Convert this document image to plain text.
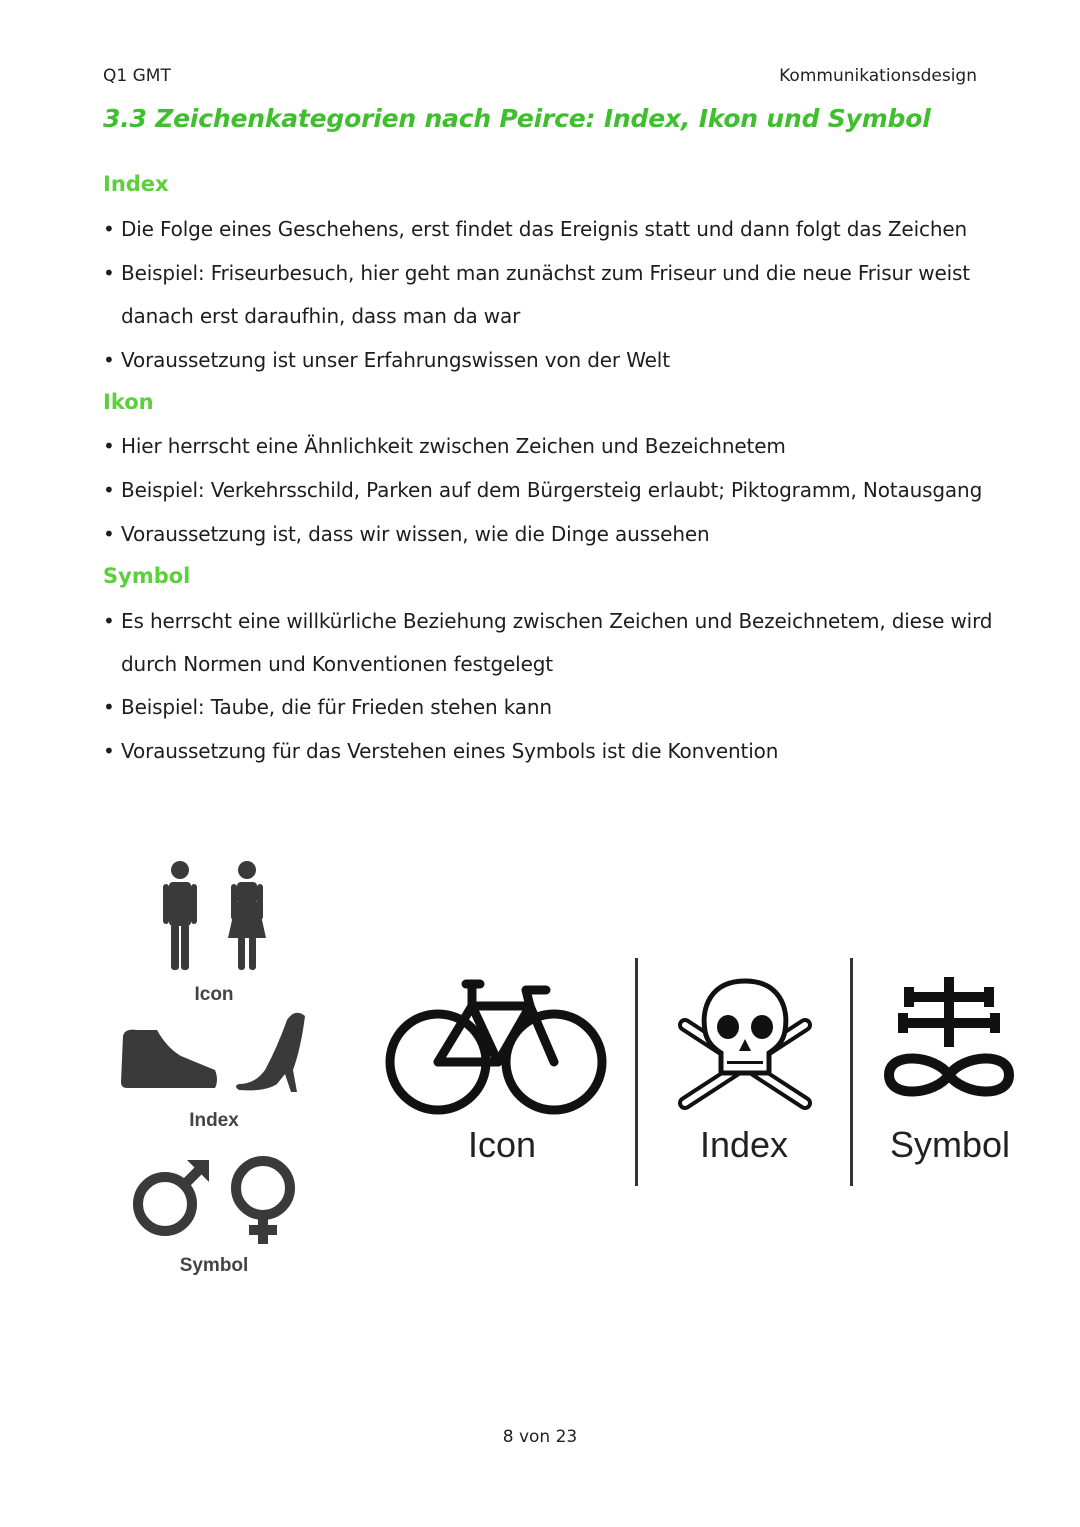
Q1 GMT	Kommunikationsdesign
3.3 Zeichenkategorien nach Peirce: Index, Ikon und Symbol
Index
Die Folge eines Geschehens, erst findet das Ereignis statt und dann folgt das Zeichen
Beispiel: Friseurbesuch, hier geht man zunächst zum Friseur und die neue Frisur weist
danach erst daraufhin, dass man da war
Voraussetzung ist unser Erfahrungswissen von der Welt
Ikon
Hier herrscht eine Ähnlichkeit zwischen Zeichen und Bezeichnetem
Beispiel: Verkehrsschild, Parken auf dem Bürgersteig erlaubt; Piktogramm, Notausgang
Voraussetzung ist, dass wir wissen, wie die Dinge aussehen
Symbol
Es herrscht eine willkürliche Beziehung zwischen Zeichen und Bezeichnetem, diese wird
durch Normen und Konventionen festgelegt
Beispiel: Taube, die für Frieden stehen kann
Voraussetzung für das Verstehen eines Symbols ist die Konvention
Icon
Index
Symbol
Icon	Index	Symbol
8 von 23
